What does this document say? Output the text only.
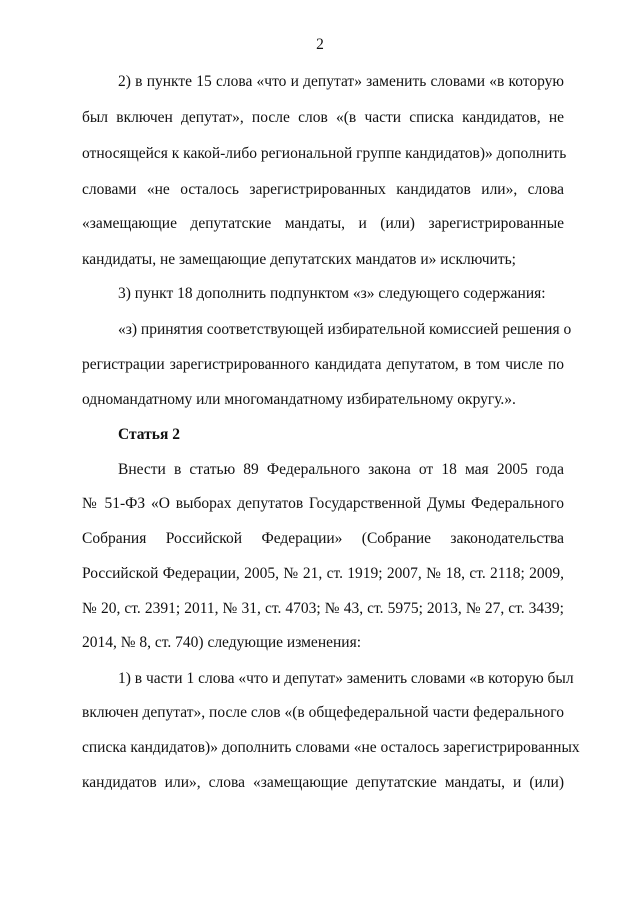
2
2) в пункте 15 слова «что и депутат» заменить словами «в которую
был включен депутат», после слов «(в части списка кандидатов, не
относящейся к какой-либо региональной группе кандидатов)» дополнить
словами «не осталось зарегистрированных кандидатов или», слова
«замещающие депутатские мандаты, и (или) зарегистрированные
кандидаты, не замещающие депутатских мандатов и» исключить;
3) пункт 18 дополнить подпунктом «з» следующего содержания:
«з) принятия соответствующей избирательной комиссией решения о
регистрации зарегистрированного кандидата депутатом, в том числе по
одномандатному или многомандатному избирательному округу.».
Статья 2
Внести в статью 89 Федерального закона от 18 мая 2005 года
№ 51-ФЗ «О выборах депутатов Государственной Думы Федерального
Собрания Российской Федерации» (Собрание законодательства
Российской Федерации, 2005, № 21, ст. 1919; 2007, № 18, ст. 2118; 2009,
№ 20, ст. 2391; 2011, № 31, ст. 4703; № 43, ст. 5975; 2013, № 27, ст. 3439;
2014, № 8, ст. 740) следующие изменения:
1) в части 1 слова «что и депутат» заменить словами «в которую был
включен депутат», после слов «(в общефедеральной части федерального
списка кандидатов)» дополнить словами «не осталось зарегистрированных
кандидатов или», слова «замещающие депутатские мандаты, и (или)
